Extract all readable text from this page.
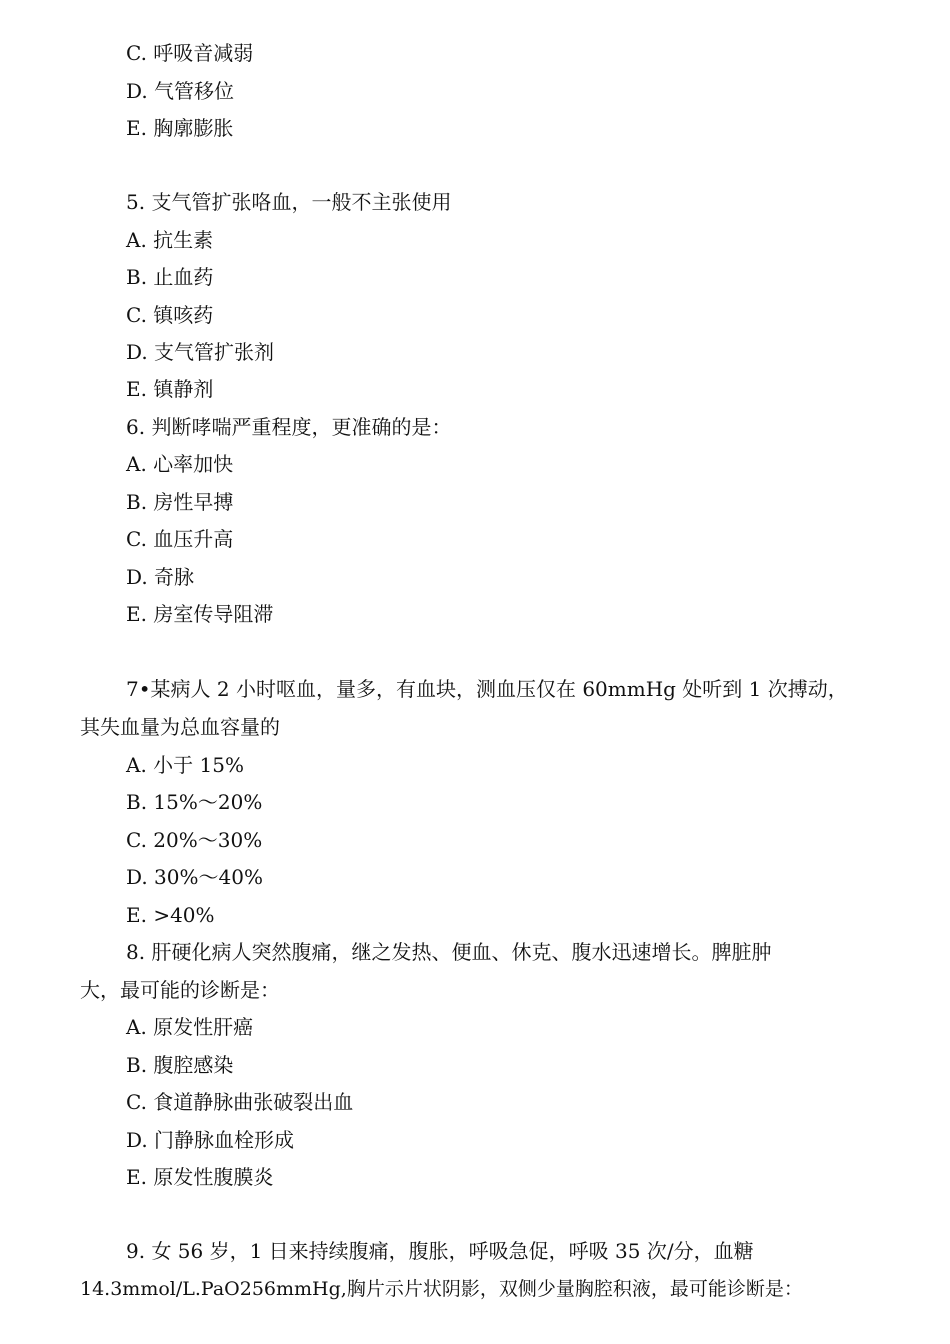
C. 呼吸音减弱
D. 气管移位
E. 胸廓膨胀
5. 支气管扩张咯血，一般不主张使用
A. 抗生素
B. 止血药
C. 镇咳药
D. 支气管扩张剂
E. 镇静剂
6. 判断哮喘严重程度，更准确的是：
A. 心率加快
B. 房性早搏
C. 血压升高
D. 奇脉
E. 房室传导阻滞
7•某病人 2 小时呕血，量多，有血块，测血压仅在 60mmHg 处听到 1 次搏动，
其失血量为总血容量的
A. 小于 15%
B. 15%〜20%
C. 20%〜30%
D. 30%〜40%
E. >40%
8. 肝硬化病人突然腹痛，继之发热、便血、休克、腹水迅速增长。脾脏肿
大，最可能的诊断是：
A. 原发性肝癌
B. 腹腔感染
C. 食道静脉曲张破裂出血
D. 门静脉血栓形成
E. 原发性腹膜炎
9. 女 56 岁，1 日来持续腹痛，腹胀，呼吸急促，呼吸 35 次/分，血糖
14.3mmol/L.PaO256mmHg,胸片示片状阴影，双侧少量胸腔积液，最可能诊断是：
